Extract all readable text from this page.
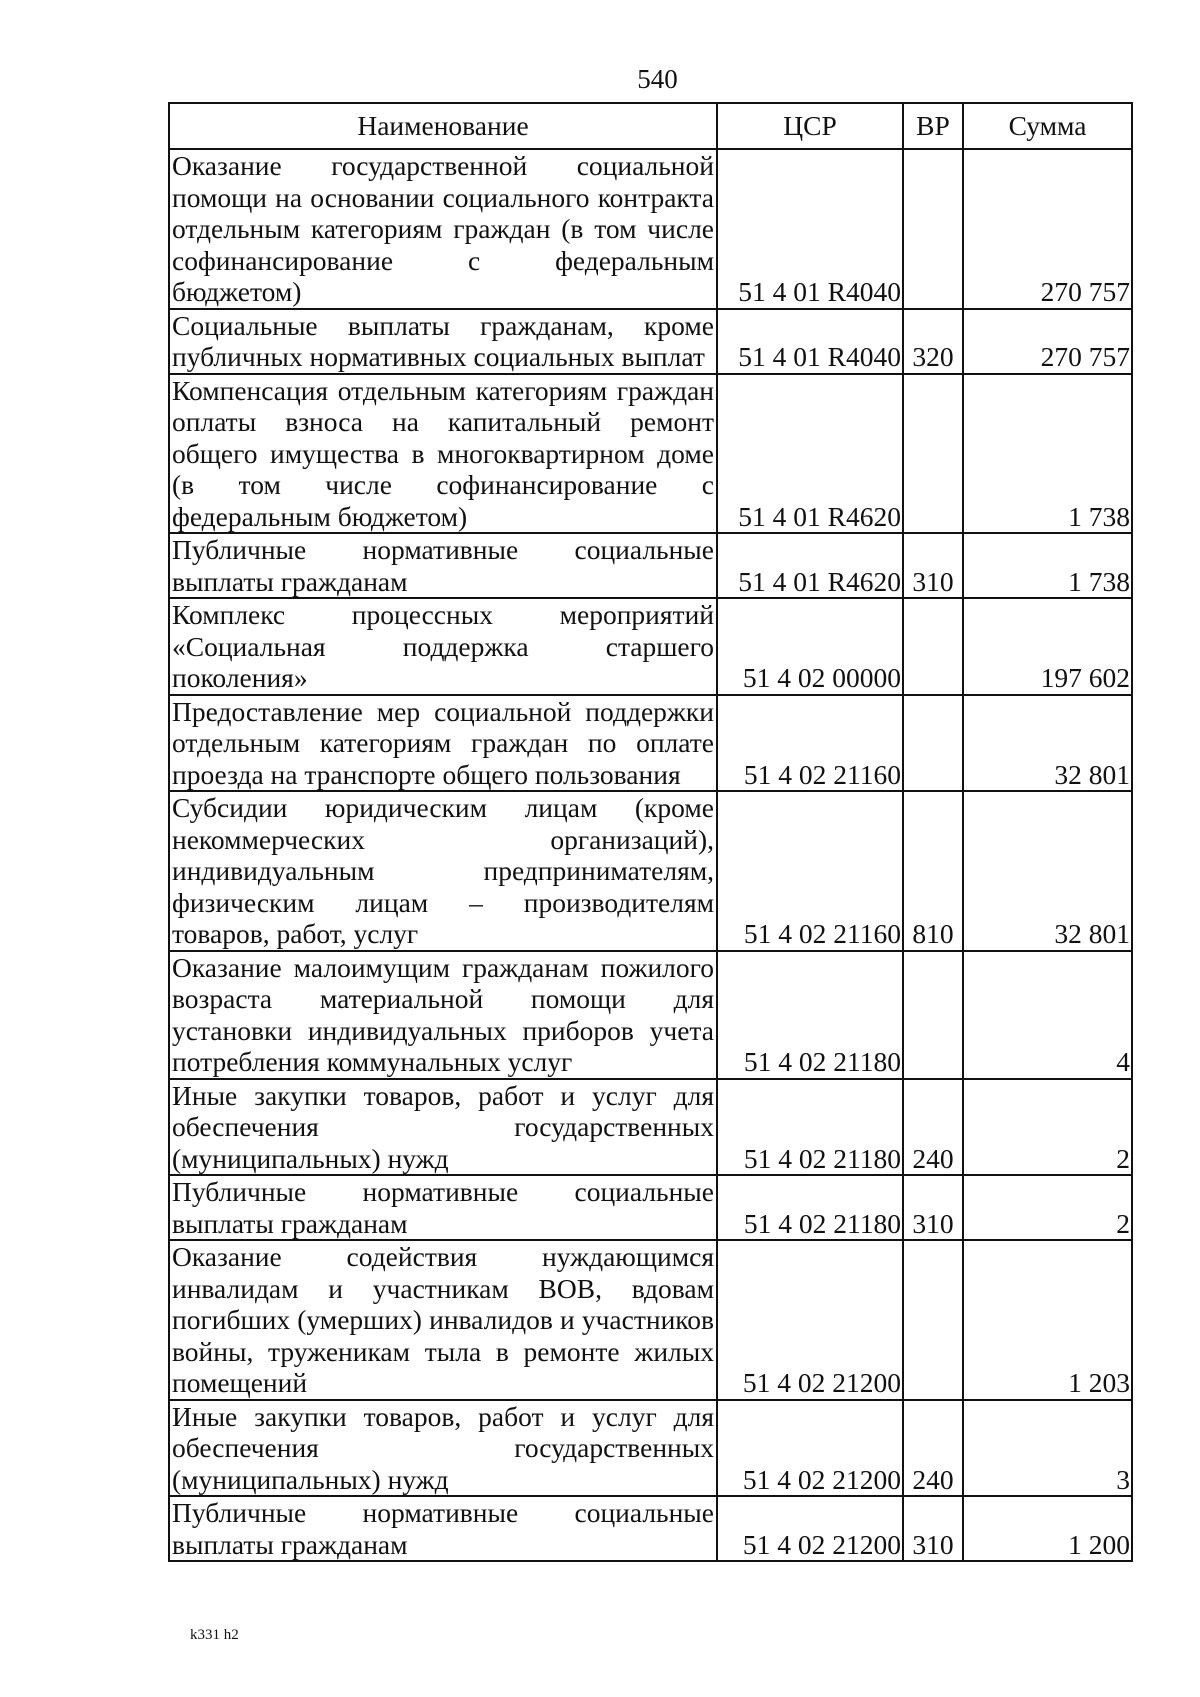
540
Наименование	ЦСР	ВР	Сумма
Оказание государственной социальной помощи на основании социального контракта отдельным категориям граждан (в том числе софинансирование с федеральным бюджетом)	51 4 01 R4040		270 757
Социальные выплаты гражданам, кроме публичных нормативных социальных выплат	51 4 01 R4040	320	270 757
Компенсация отдельным категориям граждан оплаты взноса на капитальный ремонт общего имущества в многоквартирном доме (в том числе софинансирование с федеральным бюджетом)	51 4 01 R4620		1 738
Публичные нормативные социальные выплаты гражданам	51 4 01 R4620	310	1 738
Комплекс процессных мероприятий «Социальная поддержка старшего поколения»	51 4 02 00000		197 602
Предоставление мер социальной поддержки отдельным категориям граждан по оплате проезда на транспорте общего пользования	51 4 02 21160		32 801
Субсидии юридическим лицам (кроме некоммерческих организаций), индивидуальным предпринимателям, физическим лицам – производителям товаров, работ, услуг	51 4 02 21160	810	32 801
Оказание малоимущим гражданам пожилого возраста материальной помощи для установки индивидуальных приборов учета потребления коммунальных услуг	51 4 02 21180		4
Иные закупки товаров, работ и услуг для обеспечения государственных (муниципальных) нужд	51 4 02 21180	240	2
Публичные нормативные социальные выплаты гражданам	51 4 02 21180	310	2
Оказание содействия нуждающимся инвалидам и участникам ВОВ, вдовам погибших (умерших) инвалидов и участников войны, труженикам тыла в ремонте жилых помещений	51 4 02 21200		1 203
Иные закупки товаров, работ и услуг для обеспечения государственных (муниципальных) нужд	51 4 02 21200	240	3
Публичные нормативные социальные выплаты гражданам	51 4 02 21200	310	1 200
k331 h2
